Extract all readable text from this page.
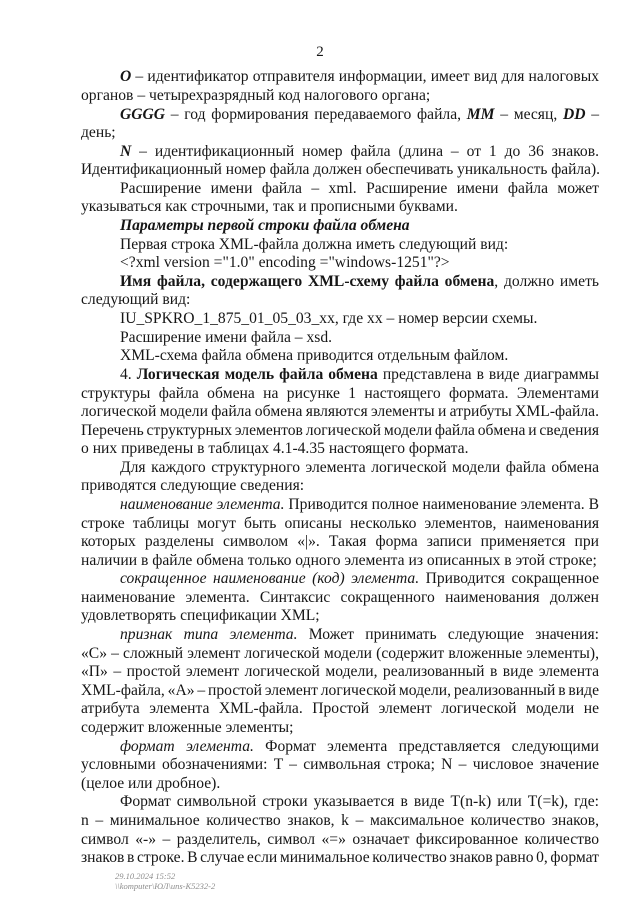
2
O – идентификатор отправителя информации, имеет вид для налоговых
органов – четырехразрядный код налогового органа;
GGGG – год формирования передаваемого файла, MM – месяц, DD –
день;
N – идентификационный номер файла (длина – от 1 до 36 знаков.
Идентификационный номер файла должен обеспечивать уникальность файла).
Расширение имени файла – xml. Расширение имени файла может
указываться как строчными, так и прописными буквами.
Параметры первой строки файла обмена
Первая строка XML-файла должна иметь следующий вид:
<?xml version ="1.0" encoding ="windows-1251"?>
Имя файла, содержащего XML-схему файла обмена, должно иметь
следующий вид:
IU_SPKRO_1_875_01_05_03_xx, где xx – номер версии схемы.
Расширение имени файла – xsd.
XML-схема файла обмена приводится отдельным файлом.
4. Логическая модель файла обмена представлена в виде диаграммы
структуры файла обмена на рисунке 1 настоящего формата. Элементами
логической модели файла обмена являются элементы и атрибуты XML-файла.
Перечень структурных элементов логической модели файла обмена и сведения
о них приведены в таблицах 4.1-4.35 настоящего формата.
Для каждого структурного элемента логической модели файла обмена
приводятся следующие сведения:
наименование элемента. Приводится полное наименование элемента. В
строке таблицы могут быть описаны несколько элементов, наименования
которых разделены символом «|». Такая форма записи применяется при
наличии в файле обмена только одного элемента из описанных в этой строке;
сокращенное наименование (код) элемента. Приводится сокращенное
наименование элемента. Синтаксис сокращенного наименования должен
удовлетворять спецификации XML;
признак типа элемента. Может принимать следующие значения:
«С» – сложный элемент логической модели (содержит вложенные элементы),
«П» – простой элемент логической модели, реализованный в виде элемента
XML-файла, «А» – простой элемент логической модели, реализованный в виде
атрибута элемента XML-файла. Простой элемент логической модели не
содержит вложенные элементы;
формат элемента. Формат элемента представляется следующими
условными обозначениями: T – символьная строка; N – числовое значение
(целое или дробное).
Формат символьной строки указывается в виде T(n-k) или T(=k), где:
n – минимальное количество знаков, k – максимальное количество знаков,
символ «-» – разделитель, символ «=» означает фиксированное количество
знаков в строке. В случае если минимальное количество знаков равно 0, формат
29.10.2024 15:52
\\komputer\ЮЛ\uns-K5232-2
